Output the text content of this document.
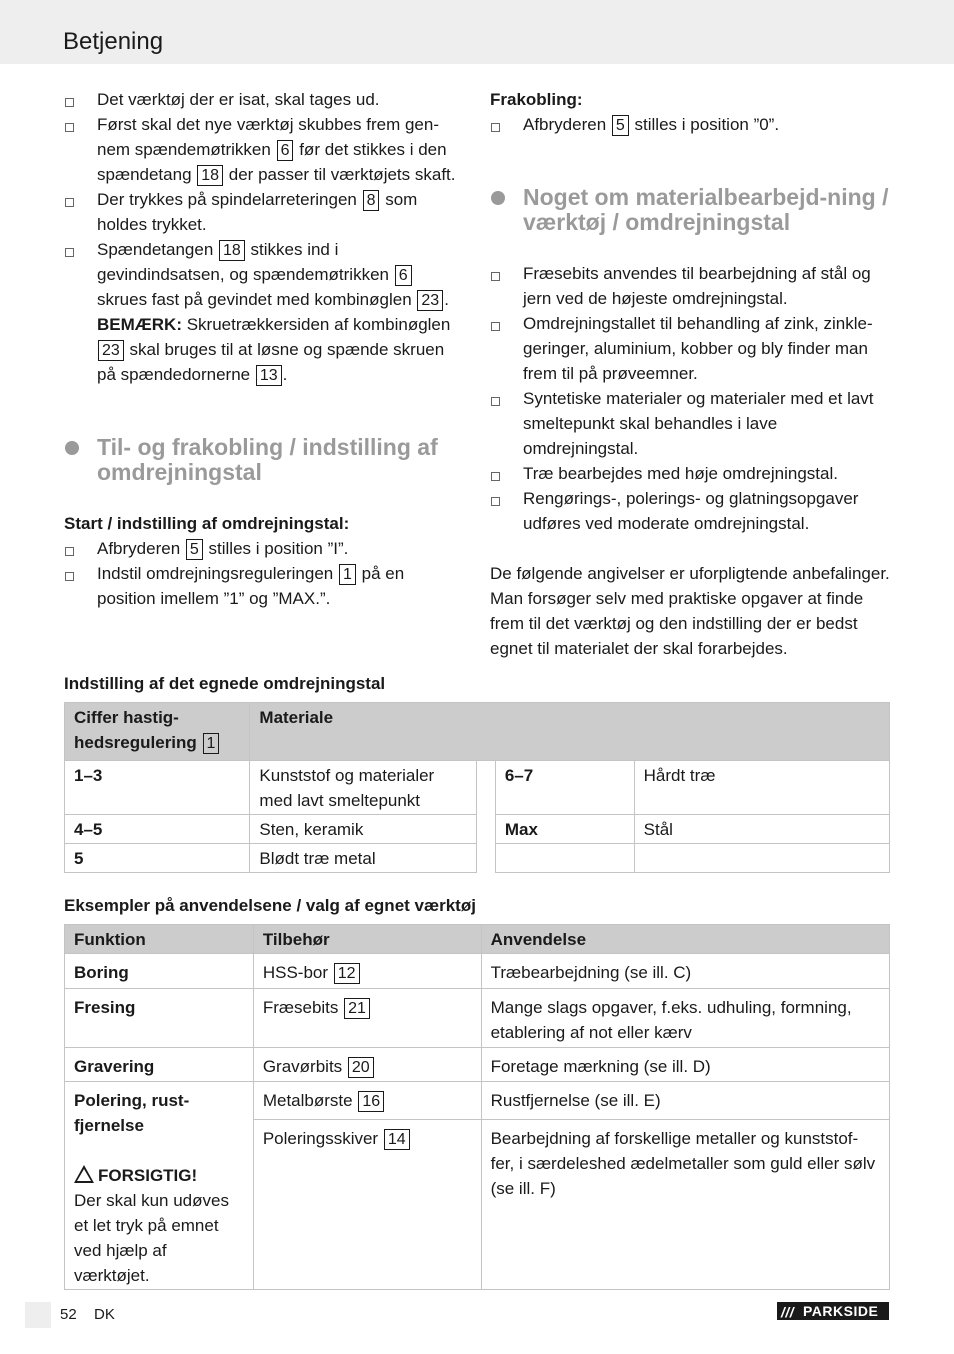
Betjening
Det værktøj der er isat, skal tages ud.
Først skal det nye værktøj skubbes frem gen-nem spændemøtrikken 6 før det stikkes i den spændetang 18 der passer til værktøjets skaft.
Der trykkes på spindelarreteringen 8 som holdes trykket.
Spændetangen 18 stikkes ind i gevindindsatsen, og spændemøtrikken 6 skrues fast på gevindet med kombinøglen 23 .
BEMÆRK: Skruetrækkersiden af kombinøglen 23 skal bruges til at løsne og spænde skruen på spændedornerne 13 .
Til- og frakobling / indstilling af omdrejningstal
Start / indstilling af omdrejningstal:
Afbryderen 5 stilles i position ”I”.
Indstil omdrejningsreguleringen 1 på en position imellem ”1” og ”MAX.”.
Frakobling:
Afbryderen 5 stilles i position ”0”.
Noget om materialbearbejd-ning / værktøj / omdrejningstal
Fræsebits anvendes til bearbejdning af stål og jern ved de højeste omdrejningstal.
Omdrejningstallet til behandling af zink, zinkle-geringer, aluminium, kobber og bly finder man frem til på prøveemner.
Syntetiske materialer og materialer med et lavt smeltepunkt skal behandles i lave omdrejningstal.
Træ bearbejdes med høje omdrejningstal.
Rengørings-, polerings- og glatningsopgaver udføres ved moderate omdrejningstal.
De følgende angivelser er uforpligtende anbefalinger. Man forsøger selv med praktiske opgaver at finde frem til det værktøj og den indstilling der er bedst egnet til materialet der skal forarbejdes.
Indstilling af det egnede omdrejningstal
Ciffer hastig-hedsregulering 1	Materiale			
1–3	Kunststof og materialer med lavt smeltepunkt		6–7	Hårdt træ
4–5	Sten, keramik		Max	Stål
5	Blødt træ metal			
Eksempler på anvendelsene / valg af egnet værktøj
Funktion	Tilbehør	Anvendelse
Boring	HSS-bor 12	Træbearbejdning (se ill. C)
Fresing	Fræsebits 21	Mange slags opgaver, f.eks. udhuling, formning, etablering af not eller kærv
Gravering	Gravørbits 20	Foretage mærkning (se ill. D)

Polering, rust-fjernelse
FORSIGTIG!
Der skal kun udøves et let tryk på emnet ved hjælp af værktøjet.	Metalbørste 16	Rustfjernelse (se ill. E)
	Poleringsskiver 14	Bearbejdning af forskellige metaller og kunststof-fer, i særdeleshed ædelmetaller som guld eller sølv (se ill. F)
52 DK	/// PARKSIDE
